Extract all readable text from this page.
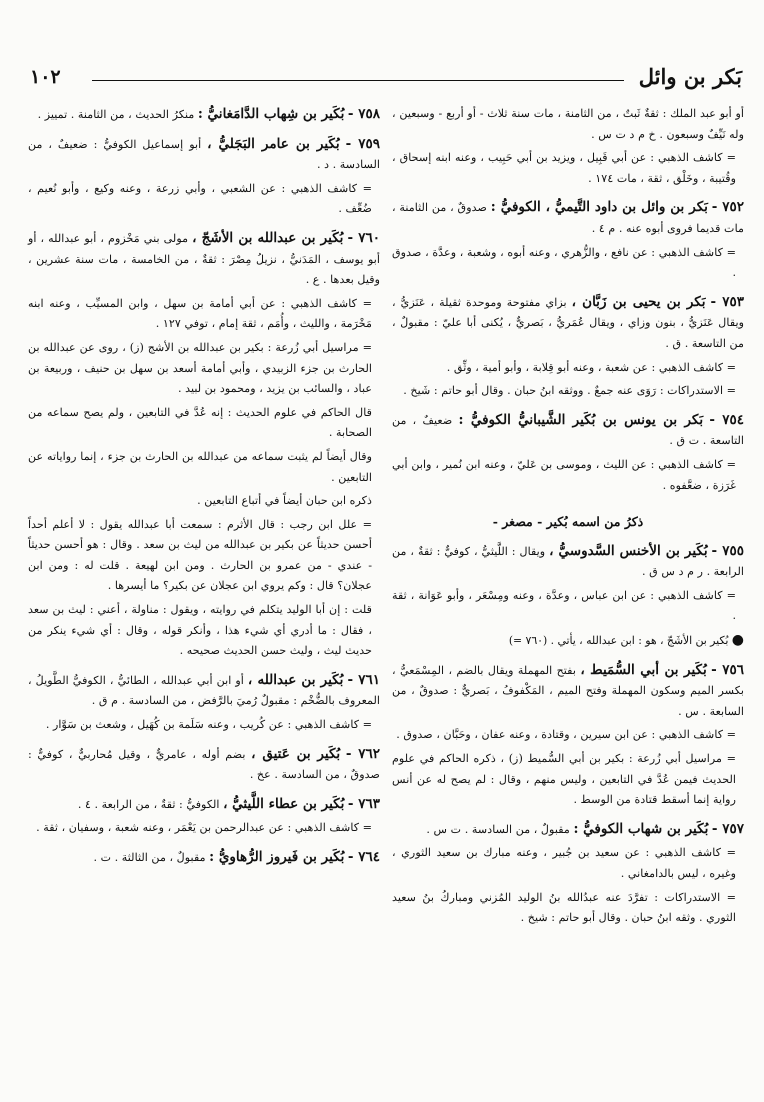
بَكر بن وائل
١٠٢

أو أبو عبد الملك : ثقةٌ ثَبتٌ ، من الثامنة ، مات سنة ثلاث - أو أربع - وسبعين ، وله نَيِّفٌ وسبعون . خ م د ت س .

= كاشف الذهبي : عن أبي قَبِيل ، ويزيد بن أبي حَبِيب ، وعنه ابنه إسحاق ، وقُتيبة ، وخَلْق ، ثقة ، مات ١٧٤ .

٧٥٢ - بَكر بن وائل بن داود التَّيميُّ ، الكوفيُّ : صدوقٌ ، من الثامنة ، مات قديما فروى أبوه عنه . م ٤ .

= كاشف الذهبي : عن نافع ، والزُّهري ، وعنه أبوه ، وشعبة ، وعدَّة ، صدوق .

٧٥٣ - بَكر بن يحيى بن زَبَّان ، بزاي مفتوحة وموحدة ثقيلة ، عَنَزيُّ ، ويقال عَنَزيُّ ، بنون وزاي ، ويقال عُمَريُّ ، بَصريٌّ ، يُكنى أبا عليّ : مقبولٌ ، من التاسعة . ق .

= كاشف الذهبي : عن شعبة ، وعنه أبو قِلابة ، وأبو أمية ، وثِّق .

= الاستدراكات : رَوَى عنه جمعٌ . ووثقه ابنُ حبان . وقال أبو حاتم : شَيخ .

٧٥٤ - بَكر بن يونس بن بُكَير الشَّيبانيُّ الكوفيُّ : ضعيفٌ ، من التاسعة . ت ق .

= كاشف الذهبي : عن الليث ، وموسى بن عَليّ ، وعنه ابن نُمير ، وابن أبي غَرَزة ، ضعَّفوه .

ذكرُ من اسمه بُكير - مصغر -

٧٥٥ - بُكَير بن الأخنس السَّدوسيُّ ، ويقال : اللَّيثيُّ ، كوفيٌّ : ثقةٌ ، من الرابعة . ر م د س ق .

= كاشف الذهبي : عن ابن عباس ، وعدَّة ، وعنه ومِسْعَر ، وأبو عَوَانة ، ثقة .

● بُكير بن الأشَجّ ، هو : ابن عبدالله ، يأتي . (٧٦٠ =)

٧٥٦ - بُكَير بن أبي السُّمَيط ، بفتح المهملة ويقال بالضم ، المِسْمَعيُّ ، بكسر الميم وسكون المهملة وفتح الميم ، المَكْفوفُ ، بَصريٌّ : صدوقٌ ، من السابعة . س .

= كاشف الذهبي : عن ابن سيرين ، وقتادة ، وعنه عفان ، وحَبَّان ، صدوق .

= مراسيل أبي زُرعة : بكير بن أبي السُّميط (ز) ، ذكره الحاكم في علوم الحديث فيمن عُدَّ في التابعين ، وليس منهم ، وقال : لم يصح له عن أنس رواية إنما أسقط قتادة من الوسط .

٧٥٧ - بُكَير بن شهاب الكوفيُّ : مقبولٌ ، من السادسة . ت س .

= كاشف الذهبي : عن سعيد بن جُبير ، وعنه مبارك بن سعيد الثوري ، وغيره ، ليس بالدامغاني .

= الاستدراكات : تفرَّدَ عنه عبدُالله بنُ الوليد المُزني ومباركُ بنُ سعيد الثوري . وثقه ابنُ حبان . وقال أبو حاتم : شيخ .

٧٥٨ - بُكَير بن شِهاب الدَّامَغانيُّ : منكرُ الحديث ، من الثامنة . تمييز .

٧٥٩ - بُكَير بن عامر البَجَليُّ ، أبو إسماعيل الكوفيُّ : ضعيفٌ ، من السادسة . د .

= كاشف الذهبي : عن الشعبي ، وأبي زرعة ، وعنه وكيع ، وأبو نُعيم ، ضُعِّف .

٧٦٠ - بُكَير بن عبدالله بن الأشَجّ ، مولى بني مَخْزوم ، أبو عبدالله ، أو أبو يوسف ، المَدَنيُّ ، نزيلُ مِصْرَ : ثقةٌ ، من الخامسة ، مات سنة عشرين ، وقيل بعدها . ع .

= كاشف الذهبي : عن أبي أمامة بن سهل ، وابن المسيِّب ، وعنه ابنه مَخْرَمة ، والليث ، وأُمَم ، ثقة إمام ، توفي ١٢٧ .

= مراسيل أبي زُرعة : بكير بن عبدالله بن الأشج (ز) ، روى عن عبدالله بن الحارث بن جزء الزبيدي ، وأبي أمامة أسعد بن سهل بن حنيف ، وربيعة بن عباد ، والسائب بن يزيد ، ومحمود بن لبيد .

قال الحاكم في علوم الحديث : إنه عُدَّ في التابعين ، ولم يصح سماعه من الصحابة .

وقال أيضاً لم يثبت سماعه من عبدالله بن الحارث بن جزء ، إنما رواياته عن التابعين .

ذكره ابن حبان أيضاً في أتباع التابعين .

= علل ابن رجب : قال الأثرم : سمعت أبا عبدالله يقول : لا أعلم أحداً أحسن حديثاً عن بكير بن عبدالله من ليث بن سعد . وقال : هو أحسن حديثاً - عندي - من عمرو بن الحارث . ومن ابن لهيعة . قلت له : ومن ابن عجلان؟ قال : وكم يروي ابن عجلان عن بكير؟ ما أيسرها .

قلت : إن أبا الوليد يتكلم في روايته ، ويقول : مناولة ، أعني : ليث بن سعد ، فقال : ما أدري أي شيء هذا ، وأنكر قوله ، وقال : أي شيء ينكر من حديث ليث ، وليث حسن الحديث صحيحه .

٧٦١ - بُكَير بن عبدالله ، أو ابن أبي عبدالله ، الطائيُّ ، الكوفيُّ الطَّويلُ ، المعروف بالضُّخْم : مقبولٌ رُميَ بالرَّفض ، من السادسة . م ق .

= كاشف الذهبي : عن كُريب ، وعنه سَلَمة بن كُهَيل ، وشعث بن سَوَّار .

٧٦٢ - بُكَير بن عَتيق ، بضم أوله ، عامريٌّ ، وقيل مُحاربيٌّ ، كوفيٌّ : صدوقٌ ، من السادسة . عخ .

٧٦٣ - بُكَير بن عطاء اللَّيثيُّ ، الكوفيُّ : ثقةٌ ، من الرابعة . ٤ .

= كاشف الذهبي : عن عبدالرحمن بن يَعْمَر ، وعنه شعبة ، وسفيان ، ثقة .

٧٦٤ - بُكَير بن فَيروز الرُّهاويُّ : مقبولٌ ، من الثالثة . ت .
